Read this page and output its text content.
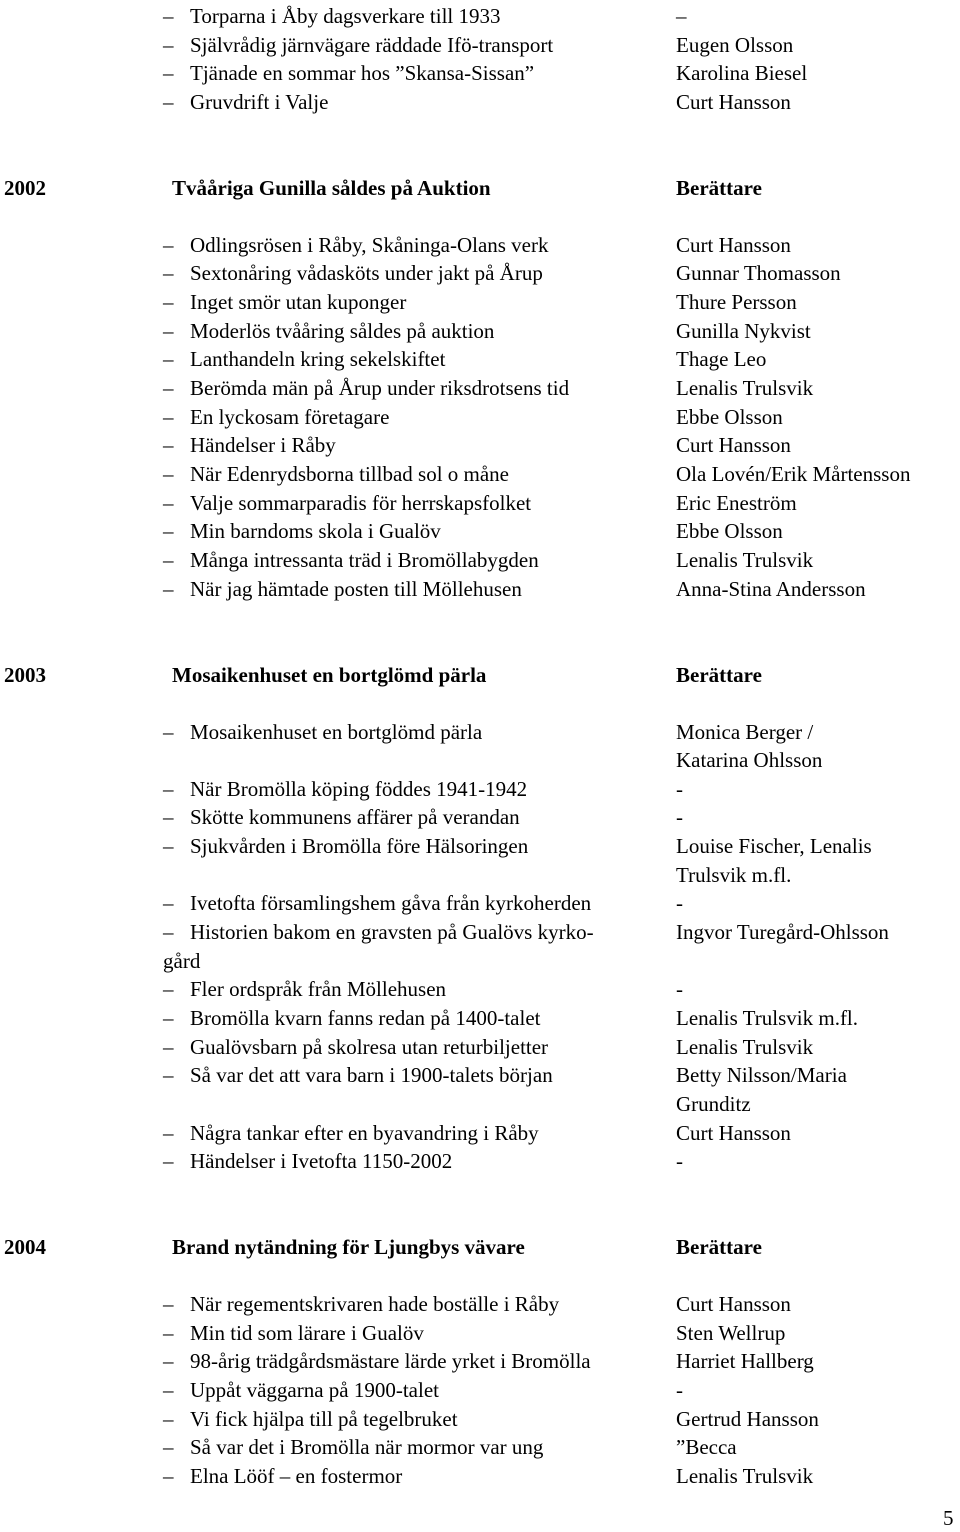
– Torparna i Åby dagsverkare till 1933	–
– Självrådig järnvägare räddade Ifö-transport	Eugen Olsson
– Tjänade en sommar hos ”Skansa-Sissan”	Karolina Biesel
– Gruvdrift i Valje	Curt Hansson
2002	Tvååriga Gunilla såldes på Auktion	Berättare
– Odlingsrösen i Råby, Skåninga-Olans verk	Curt Hansson
– Sextonåring vådasköts under jakt på Årup	Gunnar Thomasson
– Inget smör utan kuponger	Thure Persson
– Moderlös tvååring såldes på auktion	Gunilla Nykvist
– Lanthandeln kring sekelskiftet	Thage Leo
– Berömda män på Årup under riksdrotsens tid	Lenalis Trulsvik
– En lyckosam företagare	Ebbe Olsson
– Händelser i Råby	Curt Hansson
– När Edenrydsborna tillbad sol o måne	Ola Lovén/Erik Mårtensson
– Valje sommarparadis för herrskapsfolket	Eric Eneström
– Min barndoms skola i Gualöv	Ebbe Olsson
– Många intressanta träd i Bromöllabygden	Lenalis Trulsvik
– När jag hämtade posten till Möllehusen	Anna-Stina Andersson
2003	Mosaikenhuset en bortglömd pärla	Berättare
– Mosaikenhuset en bortglömd pärla	Monica Berger /
Katarina Ohlsson
– När Bromölla köping föddes 1941-1942	-
– Skötte kommunens affärer på verandan	-
– Sjukvården i Bromölla före Hälsoringen	Louise Fischer, Lenalis
Trulsvik m.fl.
– Ivetofta församlingshem gåva från kyrkoherden	-
– Historien bakom en gravsten på Gualövs kyrko-	Ingvor Turegård-Ohlsson
gård
– Fler ordspråk från Möllehusen	-
– Bromölla kvarn fanns redan på 1400-talet	Lenalis Trulsvik m.fl.
– Gualövsbarn på skolresa utan returbiljetter	Lenalis Trulsvik
– Så var det att vara barn i 1900-talets början	Betty Nilsson/Maria
Grunditz
– Några tankar efter en byavandring i Råby	Curt Hansson
– Händelser i Ivetofta 1150-2002	-
2004	Brand nytändning för Ljungbys vävare	Berättare
– När regementskrivaren hade boställe i Råby	Curt Hansson
– Min tid som lärare i Gualöv	Sten Wellrup
– 98-årig trädgårdsmästare lärde yrket i Bromölla	Harriet Hallberg
– Uppåt väggarna på 1900-talet	-
– Vi fick hjälpa till på tegelbruket	Gertrud Hansson
– Så var det i Bromölla när mormor var ung	”Becca
– Elna Lööf – en fostermor	Lenalis Trulsvik
5
